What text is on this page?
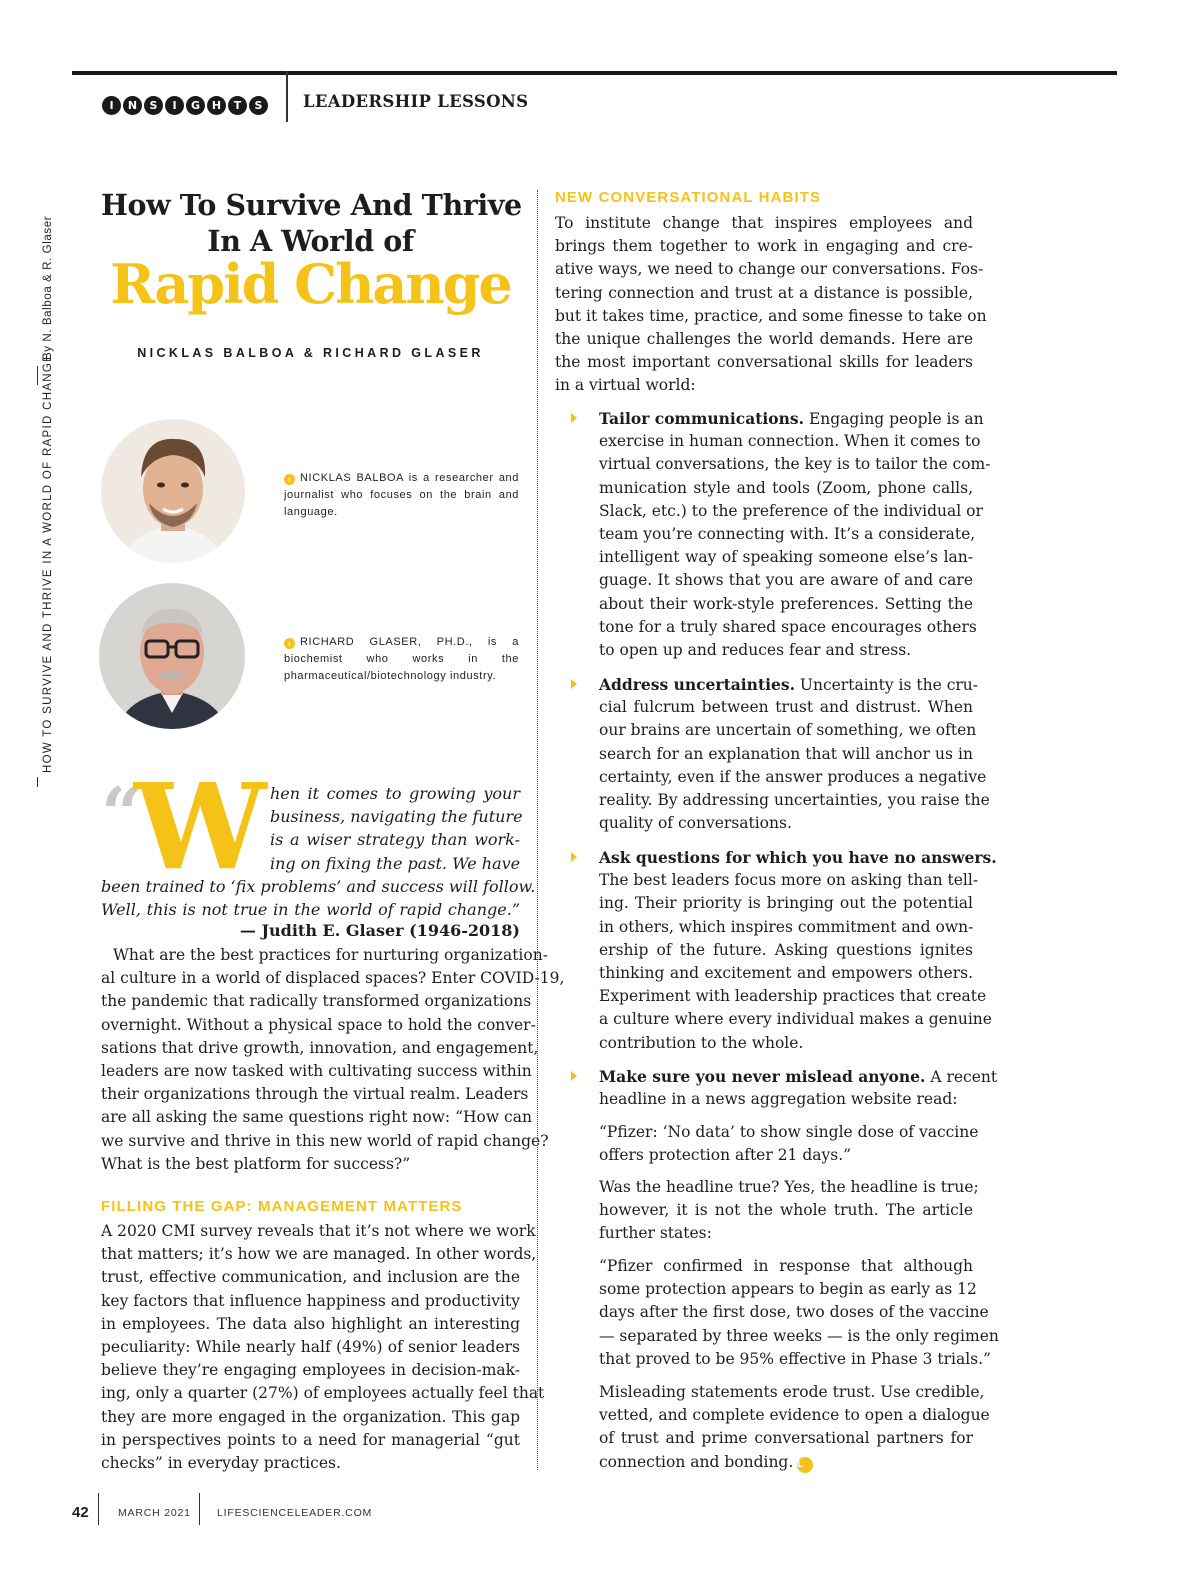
I	N	S	I	G	H	T	S	LEADERSHIP LESSONS
By N. Balboa & R. Glaser
HOW TO SURVIVE AND THRIVE IN A WORLD OF RAPID CHANGE
How To Survive And Thrive
In A World of
Rapid Change
NICKLAS BALBOA & RICHARD GLASER
› NICKLAS BALBOA is a researcher and journalist who focuses on the brain and language.
› RICHARD GLASER, PH.D., is a biochemist who works in the pharmaceutical/biotechnology industry.
“
W hen it comes to growing your
business, navigating the future
is a wiser strategy than work-
ing on fixing the past. We have
been trained to ‘fix problems’ and success will follow.
Well, this is not true in the world of rapid change.”
— Judith E. Glaser (1946-2018)
What are the best practices for nurturing organization-
al culture in a world of displaced spaces? Enter COVID-19,
the pandemic that radically transformed organizations
overnight. Without a physical space to hold the conver-
sations that drive growth, innovation, and engagement,
leaders are now tasked with cultivating success within
their organizations through the virtual realm. Leaders
are all asking the same questions right now: “How can
we survive and thrive in this new world of rapid change?
What is the best platform for success?”
FILLING THE GAP: MANAGEMENT MATTERS
A 2020 CMI survey reveals that it’s not where we work
that matters; it’s how we are managed. In other words,
trust, effective communication, and inclusion are the
key factors that influence happiness and productivity
in employees. The data also highlight an interesting
peculiarity: While nearly half (49%) of senior leaders
believe they’re engaging employees in decision-mak-
ing, only a quarter (27%) of employees actually feel that
they are more engaged in the organization. This gap
in perspectives points to a need for managerial “gut
checks” in everyday practices.
NEW CONVERSATIONAL HABITS
To institute change that inspires employees and
brings them together to work in engaging and cre-
ative ways, we need to change our conversations. Fos-
tering connection and trust at a distance is possible,
but it takes time, practice, and some finesse to take on
the unique challenges the world demands. Here are
the most important conversational skills for leaders
in a virtual world:
Tailor communications. Engaging people is an
exercise in human connection. When it comes to
virtual conversations, the key is to tailor the com-
munication style and tools (Zoom, phone calls,
Slack, etc.) to the preference of the individual or
team you’re connecting with. It’s a considerate,
intelligent way of speaking someone else’s lan-
guage. It shows that you are aware of and care
about their work-style preferences. Setting the
tone for a truly shared space encourages others
to open up and reduces fear and stress.
Address uncertainties. Uncertainty is the cru-
cial fulcrum between trust and distrust. When
our brains are uncertain of something, we often
search for an explanation that will anchor us in
certainty, even if the answer produces a negative
reality. By addressing uncertainties, you raise the
quality of conversations.
Ask questions for which you have no answers.
The best leaders focus more on asking than tell-
ing. Their priority is bringing out the potential
in others, which inspires commitment and own-
ership of the future. Asking questions ignites
thinking and excitement and empowers others.
Experiment with leadership practices that create
a culture where every individual makes a genuine
contribution to the whole.
Make sure you never mislead anyone. A recent
headline in a news aggregation website read:
“Pfizer: ‘No data’ to show single dose of vaccine
offers protection after 21 days.”
Was the headline true? Yes, the headline is true;
however, it is not the whole truth. The article
further states:
“Pfizer confirmed in response that although
some protection appears to begin as early as 12
days after the first dose, two doses of the vaccine
— separated by three weeks — is the only regimen
that proved to be 95% effective in Phase 3 trials.”
Misleading statements erode trust. Use credible,
vetted, and complete evidence to open a dialogue
of trust and prime conversational partners for
connection and bonding. L
42	MARCH 2021 LIFESCIENCELEADER.COM
